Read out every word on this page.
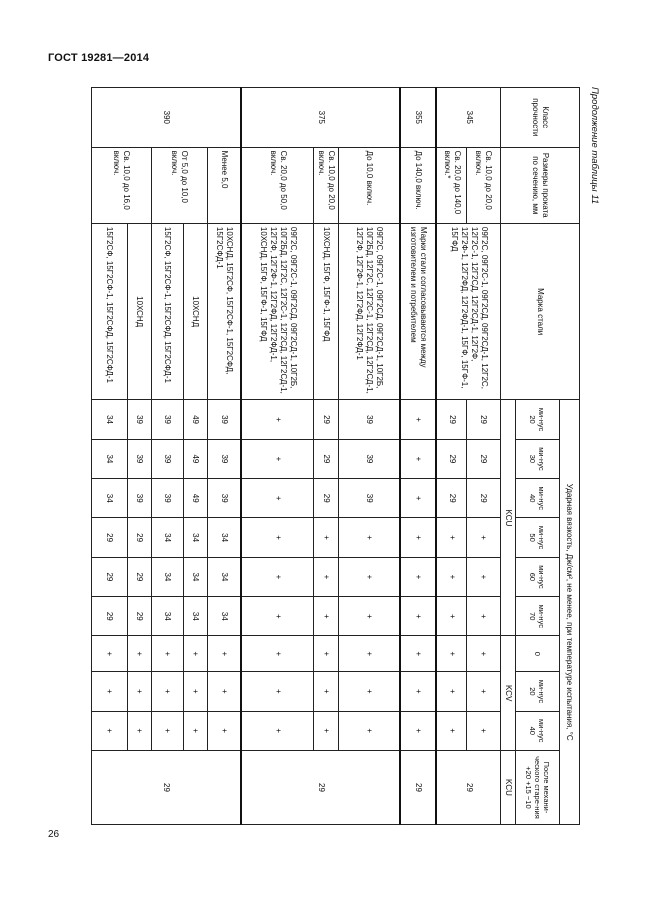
ГОСТ 19281—2014
26
Продолжение таблицы 11
Класс прочности	Размеры проката по сечению, мм	Марка стали	Ударная вязкость, Дж/см², не менее, при температуре испытания, °С									
			ми-нус 20	ми-нус 30	ми-нус 40	ми-нус 50	ми-нус 60	ми-нус 70	0	ми-нус 20	ми-нус 40	После механи-ческого старе-ния +20 +15 −10
			KCU						KCV			KCU
345	Св. 10,0 до 20,0 включ.	09Г2С, 09Г2С-1, 09Г2СД, 09Г2СД-1, 12Г2С, 12Г2С-1, 12Г2СД, 12Г2СД-1, 12Г2Ф, 12Г2Ф-1, 12Г2ФД, 12Г2ФД-1, 15ГФ, 15ГФ-1, 15ГФД	29	29	29	+	+	+	+	+	+	29
	Св. 20,0 до 140,0 включ.*		29	29	29	+	+	+	+	+	+	
355	До 140,0 включ.	Марки стали согласовываются между изготовителем и потребителем	+	+	+	+	+	+	+	+	+	29
375	До 10,0 включ.	09Г2С, 09Г2С-1, 09Г2СД, 09Г2СД-1, 10Г2Б, 10Г2БД, 12Г2С, 12Г2С-1, 12Г2СД, 12Г2СД-1, 12Г2Ф, 12Г2Ф-1, 12Г2ФД, 12Г2ФД-1	39	39	39	+	+	+	+	+	+	29
	Св. 10,0 до 20,0 включ.	10ХСНД, 15ГФ, 15ГФ-1, 15ГФД	29	29	29	+	+	+	+	+	+	
	Св. 20,0 до 50,0 включ.	09Г2С, 09Г2С-1, 09Г2СД, 09Г2СД-1, 10Г2Б, 10Г2БД, 12Г2С, 12Г2С-1, 12Г2СД, 12Г2СД-1, 12Г2Ф, 12Г2Ф-1, 12Г2ФД, 12Г2ФД-1, 10ХСНД, 15ГФ, 15ГФ-1, 15ГФД	+	+	+	+	+	+	+	+	+	
390	Менее 5,0	10ХСНД, 15Г2СФ, 15Г2СФ-1, 15Г2СФД, 15Г2СФД-1	39	39	39	34	34	34	+	+	+	29
	От 5,0 до 10,0 включ.	10ХСНД	49	49	49	34	34	34	+	+	+	
		15Г2СФ, 15Г2СФ-1, 15Г2СФД, 15Г2СФД-1	39	39	39	34	34	34	+	+	+	
	Св. 10,0 до 16,0 включ.	10ХСНД	39	39	39	29	29	29	+	+	+	
		15Г2СФ, 15Г2СФ-1, 15Г2СФД, 15Г2СФД-1	34	34	34	29	29	29	+	+	+	
